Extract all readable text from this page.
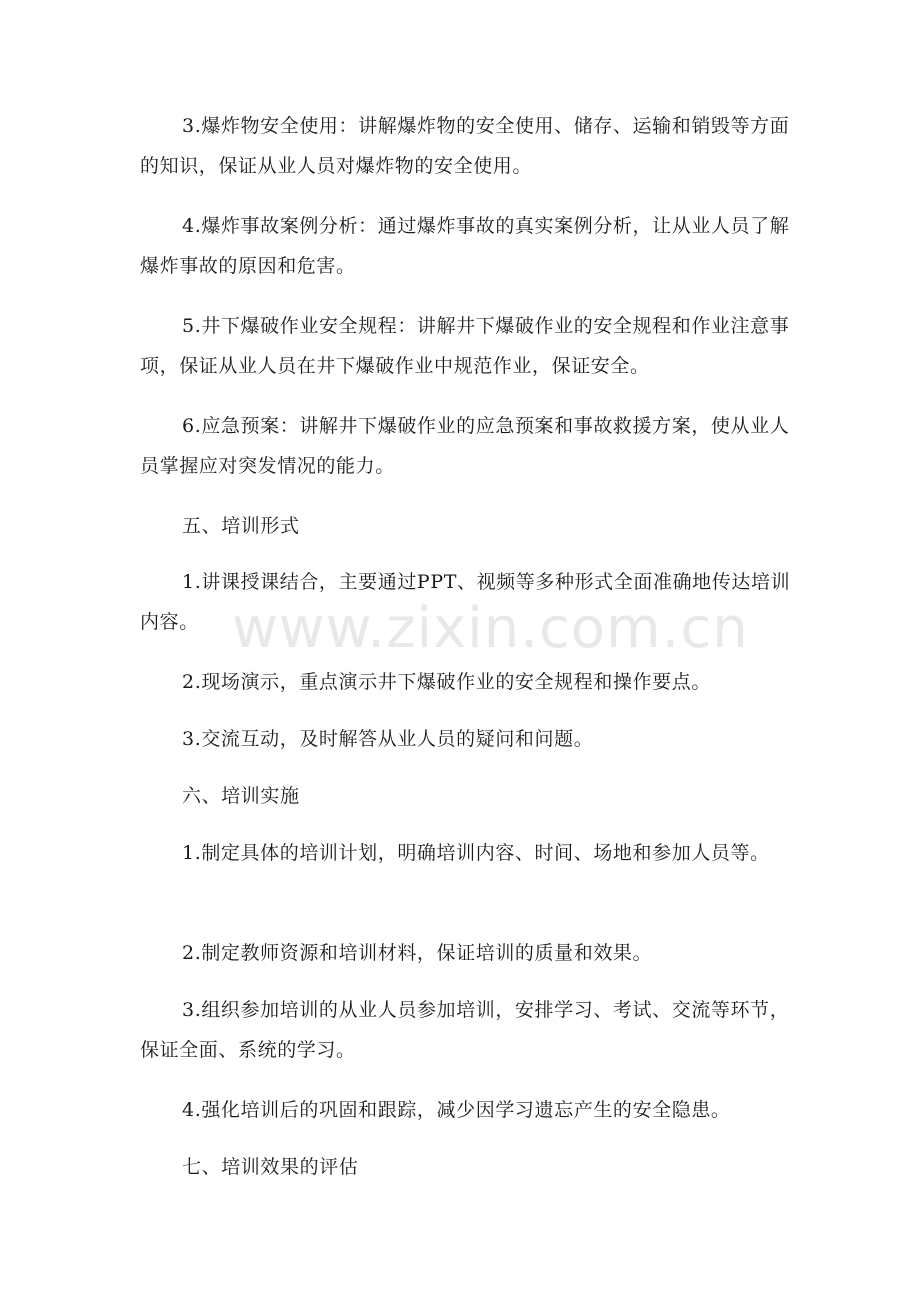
3.爆炸物安全使用：讲解爆炸物的安全使用、储存、运输和销毁等方面的知识，保证从业人员对爆炸物的安全使用。

4.爆炸事故案例分析：通过爆炸事故的真实案例分析，让从业人员了解爆炸事故的原因和危害。

5.井下爆破作业安全规程：讲解井下爆破作业的安全规程和作业注意事项，保证从业人员在井下爆破作业中规范作业，保证安全。

6.应急预案：讲解井下爆破作业的应急预案和事故救援方案，使从业人员掌握应对突发情况的能力。

五、培训形式

1.讲课授课结合，主要通过PPT、视频等多种形式全面准确地传达培训内容。

2.现场演示，重点演示井下爆破作业的安全规程和操作要点。

3.交流互动，及时解答从业人员的疑问和问题。

六、培训实施

1.制定具体的培训计划，明确培训内容、时间、场地和参加人员等。

2.制定教师资源和培训材料，保证培训的质量和效果。

3.组织参加培训的从业人员参加培训，安排学习、考试、交流等环节，保证全面、系统的学习。

4.强化培训后的巩固和跟踪，减少因学习遗忘产生的安全隐患。

七、培训效果的评估

www.zixin.com.cn
